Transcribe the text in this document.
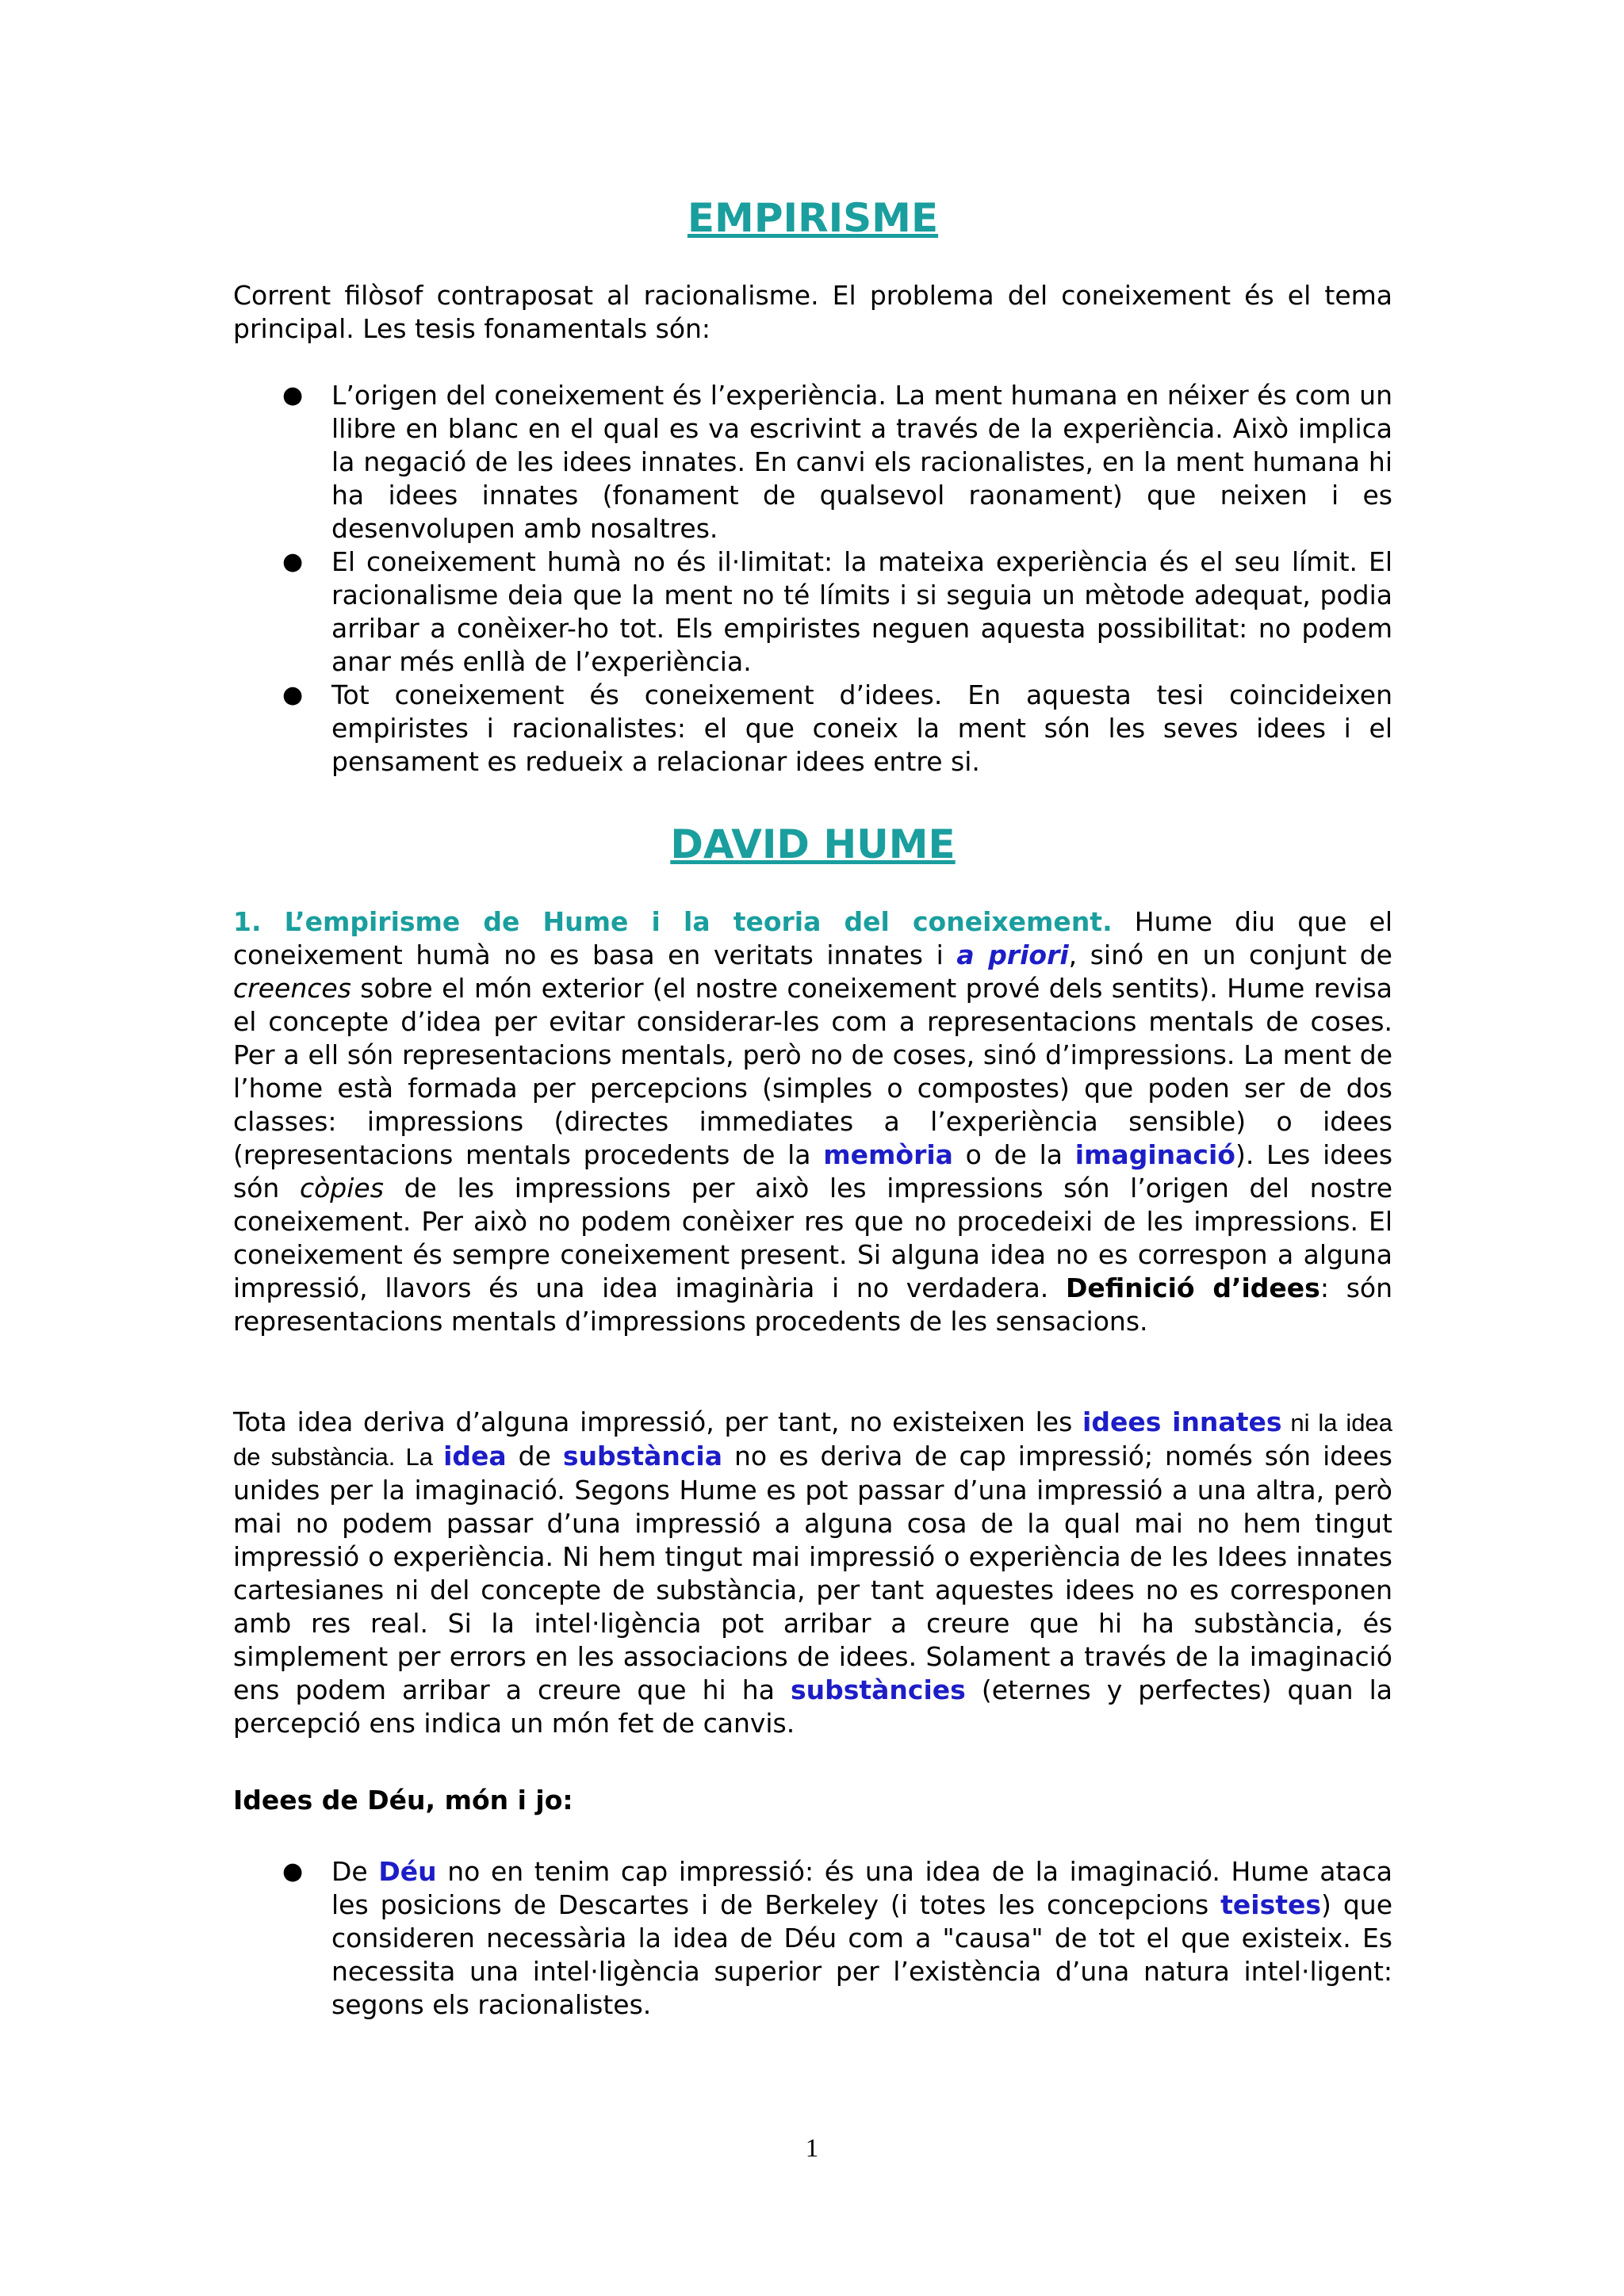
EMPIRISME

Corrent filòsof contraposat al racionalisme. El problema del coneixement és el tema principal. Les tesis fonamentals són:

● L’origen del coneixement és l’experiència. La ment humana en néixer és com un llibre en blanc en el qual es va escrivint a través de la experiència. Això implica la negació de les idees innates. En canvi els racionalistes, en la ment humana hi ha idees innates (fonament de qualsevol raonament) que neixen i es desenvolupen amb nosaltres.
● El coneixement humà no és il·limitat: la mateixa experiència és el seu límit. El racionalisme deia que la ment no té límits i si seguia un mètode adequat, podia arribar a conèixer-ho tot. Els empiristes neguen aquesta possibilitat: no podem anar més enllà de l’experiència.
● Tot coneixement és coneixement d’idees. En aquesta tesi coincideixen empiristes i racionalistes: el que coneix la ment són les seves idees i el pensament es redueix a relacionar idees entre si.
DAVID HUME

1. L’empirisme de Hume i la teoria del coneixement. Hume diu que el coneixement humà no es basa en veritats innates i a priori, sinó en un conjunt de creences sobre el món exterior (el nostre coneixement prové dels sentits). Hume revisa el concepte d’idea per evitar considerar-les com a representacions mentals de coses. Per a ell són representacions mentals, però no de coses, sinó d’impressions. La ment de l’home està formada per percepcions (simples o compostes) que poden ser de dos classes: impressions (directes immediates a l’experiència sensible) o idees (representacions mentals procedents de la memòria o de la imaginació). Les idees són còpies de les impressions per això les impressions són l’origen del nostre coneixement. Per això no podem conèixer res que no procedeixi de les impressions. El coneixement és sempre coneixement present. Si alguna idea no es correspon a alguna impressió, llavors és una idea imaginària i no verdadera. Definició d’idees: són representacions mentals d’impressions procedents de les sensacions.

Tota idea deriva d’alguna impressió, per tant, no existeixen les idees innates ni la idea de substància. La idea de substància no es deriva de cap impressió; només són idees unides per la imaginació. Segons Hume es pot passar d’una impressió a una altra, però mai no podem passar d’una impressió a alguna cosa de la qual mai no hem tingut impressió o experiència. Ni hem tingut mai impressió o experiència de les Idees innates cartesianes ni del concepte de substància, per tant aquestes idees no es corresponen amb res real. Si la intel·ligència pot arribar a creure que hi ha substància, és simplement per errors en les associacions de idees. Solament a través de la imaginació ens podem arribar a creure que hi ha substàncies (eternes y perfectes) quan la percepció ens indica un món fet de canvis.

Idees de Déu, món i jo:

● De Déu no en tenim cap impressió: és una idea de la imaginació. Hume ataca les posicions de Descartes i de Berkeley (i totes les concepcions teistes) que consideren necessària la idea de Déu com a "causa" de tot el que existeix. Es necessita una intel·ligència superior per l’existència d’una natura intel·ligent: segons els racionalistes.
1
